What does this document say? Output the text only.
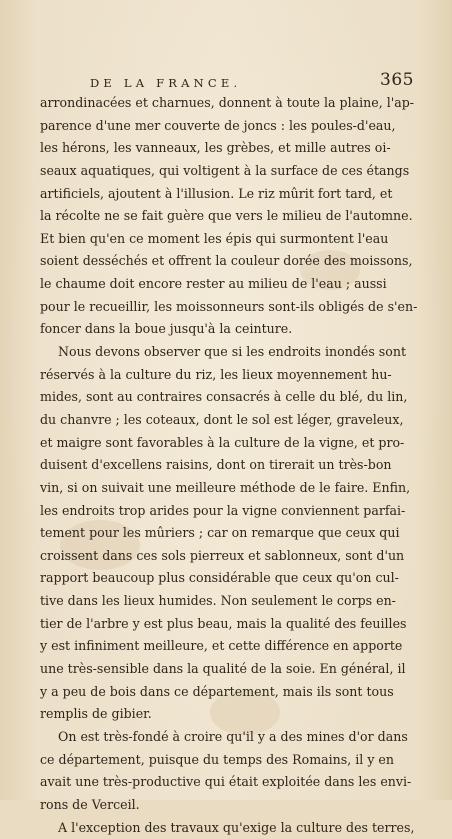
DE LA FRANCE.	365
arrondinacées et charnues, donnent à toute la plaine, l'ap-
parence d'une mer couverte de joncs : les poules-d'eau,
les hérons, les vanneaux, les grèbes, et mille autres oi-
seaux aquatiques, qui voltigent à la surface de ces étangs
artificiels, ajoutent à l'illusion. Le riz mûrit fort tard, et
la récolte ne se fait guère que vers le milieu de l'automne.
Et bien qu'en ce moment les épis qui surmontent l'eau
soient desséchés et offrent la couleur dorée des moissons,
le chaume doit encore rester au milieu de l'eau ; aussi
pour le recueillir, les moissonneurs sont-ils obligés de s'en-
foncer dans la boue jusqu'à la ceinture.
Nous devons observer que si les endroits inondés sont
réservés à la culture du riz, les lieux moyennement hu-
mides, sont au contraires consacrés à celle du blé, du lin,
du chanvre ; les coteaux, dont le sol est léger, graveleux,
et maigre sont favorables à la culture de la vigne, et pro-
duisent d'excellens raisins, dont on tirerait un très-bon
vin, si on suivait une meilleure méthode de le faire. Enfin,
les endroits trop arides pour la vigne conviennent parfai-
tement pour les mûriers ; car on remarque que ceux qui
croissent dans ces sols pierreux et sablonneux, sont d'un
rapport beaucoup plus considérable que ceux qu'on cul-
tive dans les lieux humides. Non seulement le corps en-
tier de l'arbre y est plus beau, mais la qualité des feuilles
y est infiniment meilleure, et cette différence en apporte
une très-sensible dans la qualité de la soie. En général, il
y a peu de bois dans ce département, mais ils sont tous
remplis de gibier.
On est très-fondé à croire qu'il y a des mines d'or dans
ce département, puisque du temps des Romains, il y en
avait une très-productive qui était exploitée dans les envi-
rons de Verceil.
A l'exception des travaux qu'exige la culture des terres,
